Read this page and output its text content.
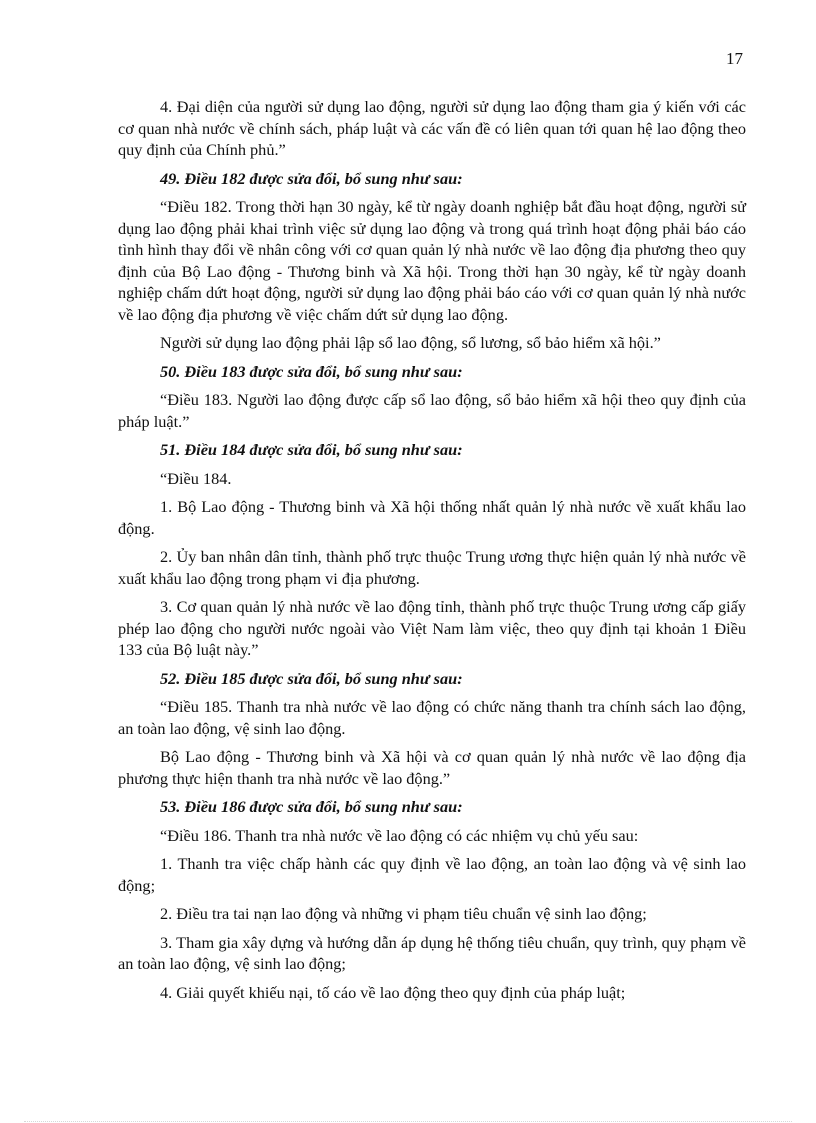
17

4. Đại diện của người sử dụng lao động, người sử dụng lao động tham gia ý kiến với các cơ quan nhà nước về chính sách, pháp luật và các vấn đề có liên quan tới quan hệ lao động theo quy định của Chính phủ.”

49. Điều 182 được sửa đổi, bổ sung như sau:

“Điều 182. Trong thời hạn 30 ngày, kể từ ngày doanh nghiệp bắt đầu hoạt động, người sử dụng lao động phải khai trình việc sử dụng lao động và trong quá trình hoạt động phải báo cáo tình hình thay đổi về nhân công với cơ quan quản lý nhà nước về lao động địa phương theo quy định của Bộ Lao động - Thương binh và Xã hội. Trong thời hạn 30 ngày, kể từ ngày doanh nghiệp chấm dứt hoạt động, người sử dụng lao động phải báo cáo với cơ quan quản lý nhà nước về lao động địa phương về việc chấm dứt sử dụng lao động.

Người sử dụng lao động phải lập sổ lao động, sổ lương, sổ bảo hiểm xã hội.”

50. Điều 183 được sửa đổi, bổ sung như sau:

“Điều 183. Người lao động được cấp sổ lao động, sổ bảo hiểm xã hội theo quy định của pháp luật.”

51. Điều 184 được sửa đổi, bổ sung như sau:

“Điều 184.

1. Bộ Lao động - Thương binh và Xã hội thống nhất quản lý nhà nước về xuất khẩu lao động.

2. Ủy ban nhân dân tỉnh, thành phố trực thuộc Trung ương thực hiện quản lý nhà nước về xuất khẩu lao động trong phạm vi địa phương.

3. Cơ quan quản lý nhà nước về lao động tỉnh, thành phố trực thuộc Trung ương cấp giấy phép lao động cho người nước ngoài vào Việt Nam làm việc, theo quy định tại khoản 1 Điều 133 của Bộ luật này.”

52. Điều 185 được sửa đổi, bổ sung như sau:

“Điều 185. Thanh tra nhà nước về lao động có chức năng thanh tra chính sách lao động, an toàn lao động, vệ sinh lao động.

Bộ Lao động - Thương binh và Xã hội và cơ quan quản lý nhà nước về lao động địa phương thực hiện thanh tra nhà nước về lao động.”

53. Điều 186 được sửa đổi, bổ sung như sau:

“Điều 186. Thanh tra nhà nước về lao động có các nhiệm vụ chủ yếu sau:

1. Thanh tra việc chấp hành các quy định về lao động, an toàn lao động và vệ sinh lao động;

2. Điều tra tai nạn lao động và những vi phạm tiêu chuẩn vệ sinh lao động;

3. Tham gia xây dựng và hướng dẫn áp dụng hệ thống tiêu chuẩn, quy trình, quy phạm về an toàn lao động, vệ sinh lao động;

4. Giải quyết khiếu nại, tố cáo về lao động theo quy định của pháp luật;
